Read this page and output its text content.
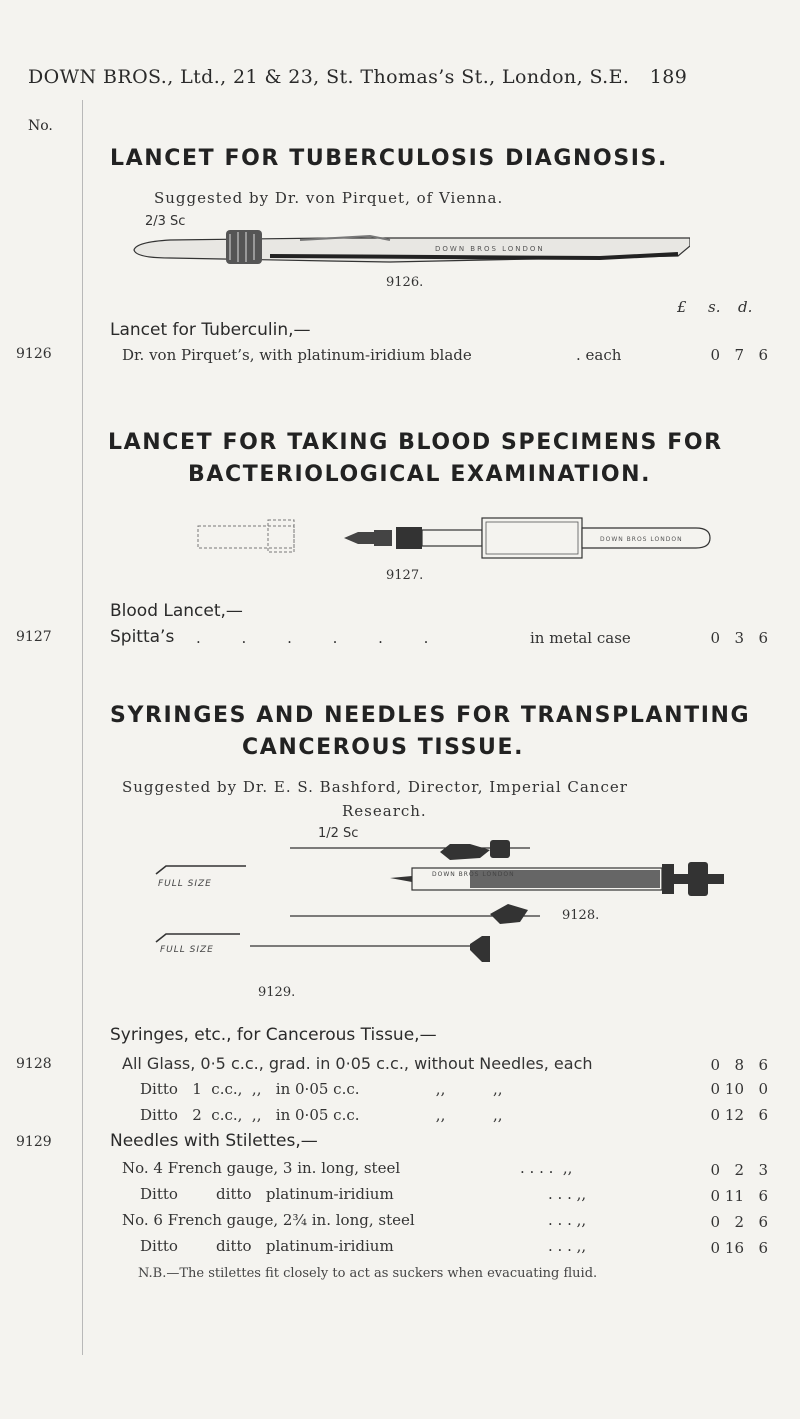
DOWN BROS., Ltd., 21 & 23, St. Thomas’s St., London, S.E. 189
No.
LANCET FOR TUBERCULOSIS DIAGNOSIS.
Suggested by Dr. von Pirquet, of Vienna.
2/3 Sc
DOWN BROS LONDON
9126.
£ s. d.
Lancet for Tuberculin,—
9126	Dr. von Pirquet’s, with platinum-iridium blade	. each	0 7 6
LANCET FOR TAKING BLOOD SPECIMENS FOR
BACTERIOLOGICAL EXAMINATION.
DOWN BROS LONDON
9127.
Blood Lancet,—
9127	Spitta’s . . . . . .	in metal case	0 3 6
SYRINGES AND NEEDLES FOR TRANSPLANTING
CANCEROUS TISSUE.
Suggested by Dr. E. S. Bashford, Director, Imperial Cancer
Research.
1/2 Sc
FULL SIZE
DOWN BROS LONDON
FULL SIZE
9128.
9129.
Syringes, etc., for Cancerous Tissue,—
9128	All Glass, 0·5 c.c., grad. in 0·05 c.c., without Needles, each	0 8 6
Ditto   1  c.c.,  ,,   in 0·05 c.c.                ,,          ,,	0 10 0
Ditto   2  c.c.,  ,,   in 0·05 c.c.                ,,          ,,	0 12 6
9129	Needles with Stilettes,—
No. 4 French gauge, 3 in. long, steel	. . . .  ,,	0 2 3
Ditto        ditto   platinum-iridium	. . . ,,	0 11 6
No. 6 French gauge, 2¾ in. long, steel	. . . ,,	0 2 6
Ditto        ditto   platinum-iridium	. . . ,,	0 16 6
N.B.—The stilettes fit closely to act as suckers when evacuating fluid.
